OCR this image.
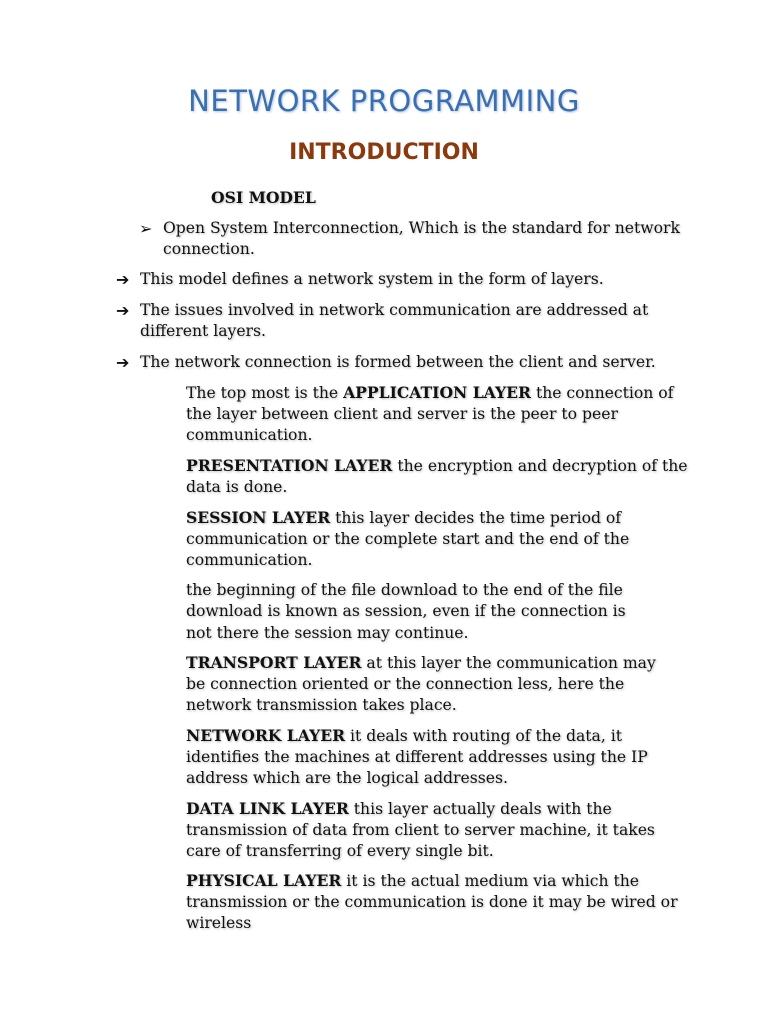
NETWORK PROGRAMMING
INTRODUCTION
OSI MODEL
➢ Open System Interconnection, Which is the standard for network connection.
➔ This model defines a network system in the form of layers.
➔ The issues involved in network communication are addressed at different layers.
➔ The network connection is formed between the client and server.
The top most is the APPLICATION LAYER the connection of the layer between client and server is the peer to peer communication.
PRESENTATION LAYER the encryption and decryption of the data is done.
SESSION LAYER this layer decides the time period of communication or the complete start and the end of the communication.
the beginning of the file download to the end of the file download is known as session, even if the connection is not there the session may continue.
TRANSPORT LAYER at this layer the communication may be connection oriented or the connection less, here the network transmission takes place.
NETWORK LAYER it deals with routing of the data, it identifies the machines at different addresses using the IP address which are the logical addresses.
DATA LINK LAYER this layer actually deals with the transmission of data from client to server machine, it takes care of transferring of every single bit.
PHYSICAL LAYER it is the actual medium via which the transmission or the communication is done it may be wired or wireless
